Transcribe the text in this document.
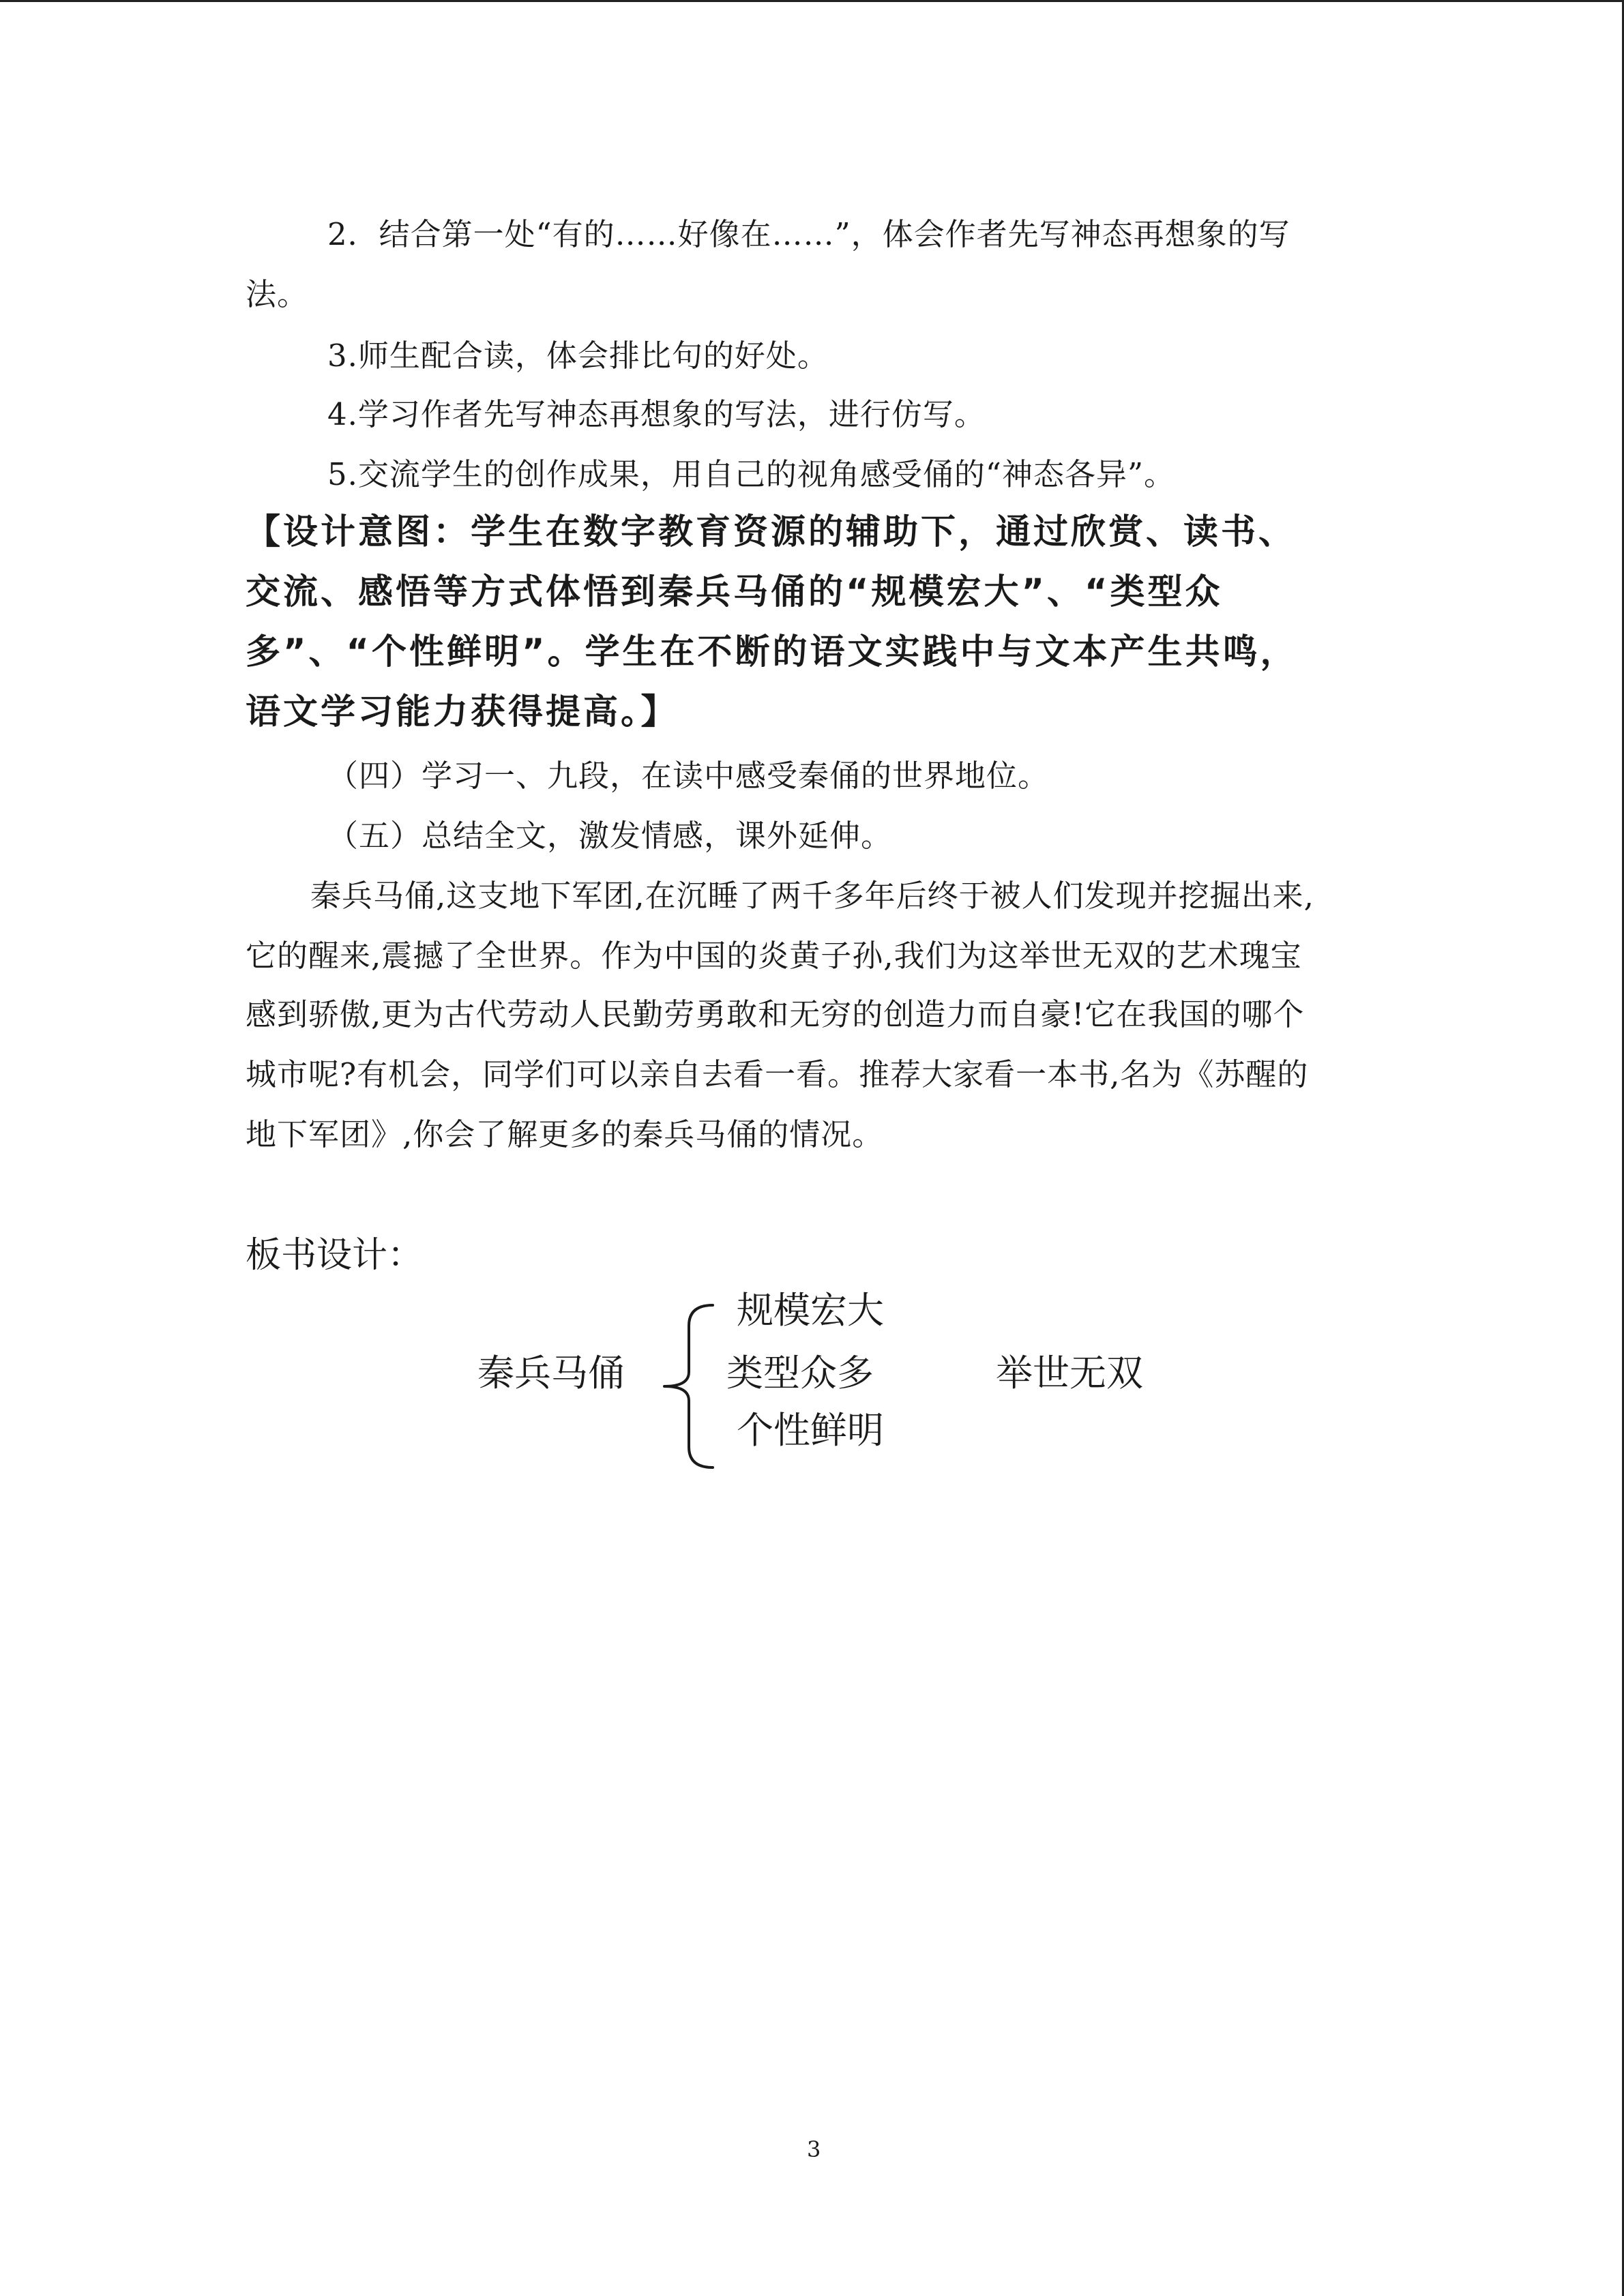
2．结合第一处“有的……好像在……”，体会作者先写神态再想象的写
法。
3.师生配合读，体会排比句的好处。
4.学习作者先写神态再想象的写法，进行仿写。
5.交流学生的创作成果，用自己的视角感受俑的“神态各异”。
【设计意图：学生在数字教育资源的辅助下，通过欣赏、读书、
交流、感悟等方式体悟到秦兵马俑的“规模宏大”、“类型众
多”、“个性鲜明”。学生在不断的语文实践中与文本产生共鸣，
语文学习能力获得提高。】
（四）学习一、九段，在读中感受秦俑的世界地位。
（五）总结全文，激发情感，课外延伸。
秦兵马俑,这支地下军团,在沉睡了两千多年后终于被人们发现并挖掘出来,
它的醒来,震撼了全世界。作为中国的炎黄子孙,我们为这举世无双的艺术瑰宝
感到骄傲,更为古代劳动人民勤劳勇敢和无穷的创造力而自豪!它在我国的哪个
城市呢?有机会，同学们可以亲自去看一看。推荐大家看一本书,名为《苏醒的
地下军团》,你会了解更多的秦兵马俑的情况。
板书设计：
秦兵马俑
规模宏大
类型众多
个性鲜明
举世无双
3
